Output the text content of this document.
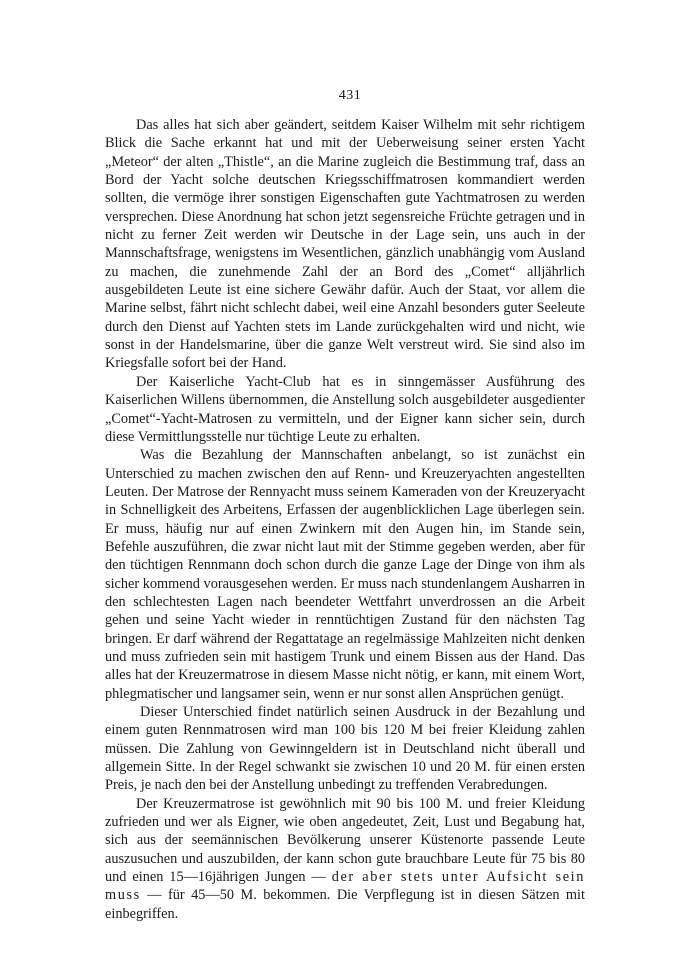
431

Das alles hat sich aber geändert, seitdem Kaiser Wilhelm mit sehr richtigem Blick die Sache erkannt hat und mit der Ueberweisung seiner ersten Yacht „Meteor“ der alten „Thistle“, an die Marine zugleich die Bestimmung traf, dass an Bord der Yacht solche deutschen Kriegsschiffmatrosen kommandiert werden sollten, die vermöge ihrer sonstigen Eigenschaften gute Yachtmatrosen zu werden versprechen. Diese Anordnung hat schon jetzt segensreiche Früchte getragen und in nicht zu ferner Zeit werden wir Deutsche in der Lage sein, uns auch in der Mannschaftsfrage, wenigstens im Wesentlichen, gänzlich unabhängig vom Ausland zu machen, die zunehmende Zahl der an Bord des „Comet“ alljährlich ausgebildeten Leute ist eine sichere Gewähr dafür. Auch der Staat, vor allem die Marine selbst, fährt nicht schlecht dabei, weil eine Anzahl besonders guter Seeleute durch den Dienst auf Yachten stets im Lande zurückgehalten wird und nicht, wie sonst in der Handelsmarine, über die ganze Welt verstreut wird. Sie sind also im Kriegsfalle sofort bei der Hand.

Der Kaiserliche Yacht-Club hat es in sinngemässer Ausführung des Kaiserlichen Willens übernommen, die Anstellung solch ausgebildeter ausgedienter „Comet“-Yacht-Matrosen zu vermitteln, und der Eigner kann sicher sein, durch diese Vermittlungsstelle nur tüchtige Leute zu erhalten.

Was die Bezahlung der Mannschaften anbelangt, so ist zunächst ein Unterschied zu machen zwischen den auf Renn- und Kreuzeryachten angestellten Leuten. Der Matrose der Rennyacht muss seinem Kameraden von der Kreuzeryacht in Schnelligkeit des Arbeitens, Erfassen der augenblicklichen Lage überlegen sein. Er muss, häufig nur auf einen Zwinkern mit den Augen hin, im Stande sein, Befehle auszuführen, die zwar nicht laut mit der Stimme gegeben werden, aber für den tüchtigen Rennmann doch schon durch die ganze Lage der Dinge von ihm als sicher kommend vorausgesehen werden. Er muss nach stundenlangem Ausharren in den schlechtesten Lagen nach beendeter Wettfahrt unverdrossen an die Arbeit gehen und seine Yacht wieder in renntüchtigen Zustand für den nächsten Tag bringen. Er darf während der Regattatage an regelmässige Mahlzeiten nicht denken und muss zufrieden sein mit hastigem Trunk und einem Bissen aus der Hand. Das alles hat der Kreuzermatrose in diesem Masse nicht nötig, er kann, mit einem Wort, phlegmatischer und langsamer sein, wenn er nur sonst allen Ansprüchen genügt.

Dieser Unterschied findet natürlich seinen Ausdruck in der Bezahlung und einem guten Rennmatrosen wird man 100 bis 120 M bei freier Kleidung zahlen müssen. Die Zahlung von Gewinngeldern ist in Deutschland nicht überall und allgemein Sitte. In der Regel schwankt sie zwischen 10 und 20 M. für einen ersten Preis, je nach den bei der Anstellung unbedingt zu treffenden Verabredungen.

Der Kreuzermatrose ist gewöhnlich mit 90 bis 100 M. und freier Kleidung zufrieden und wer als Eigner, wie oben angedeutet, Zeit, Lust und Begabung hat, sich aus der seemännischen Bevölkerung unserer Küstenorte passende Leute auszusuchen und auszubilden, der kann schon gute brauchbare Leute für 75 bis 80 und einen 15—16jährigen Jungen — der aber stets unter Aufsicht sein muss — für 45—50 M. bekommen. Die Verpflegung ist in diesen Sätzen mit einbegriffen.
